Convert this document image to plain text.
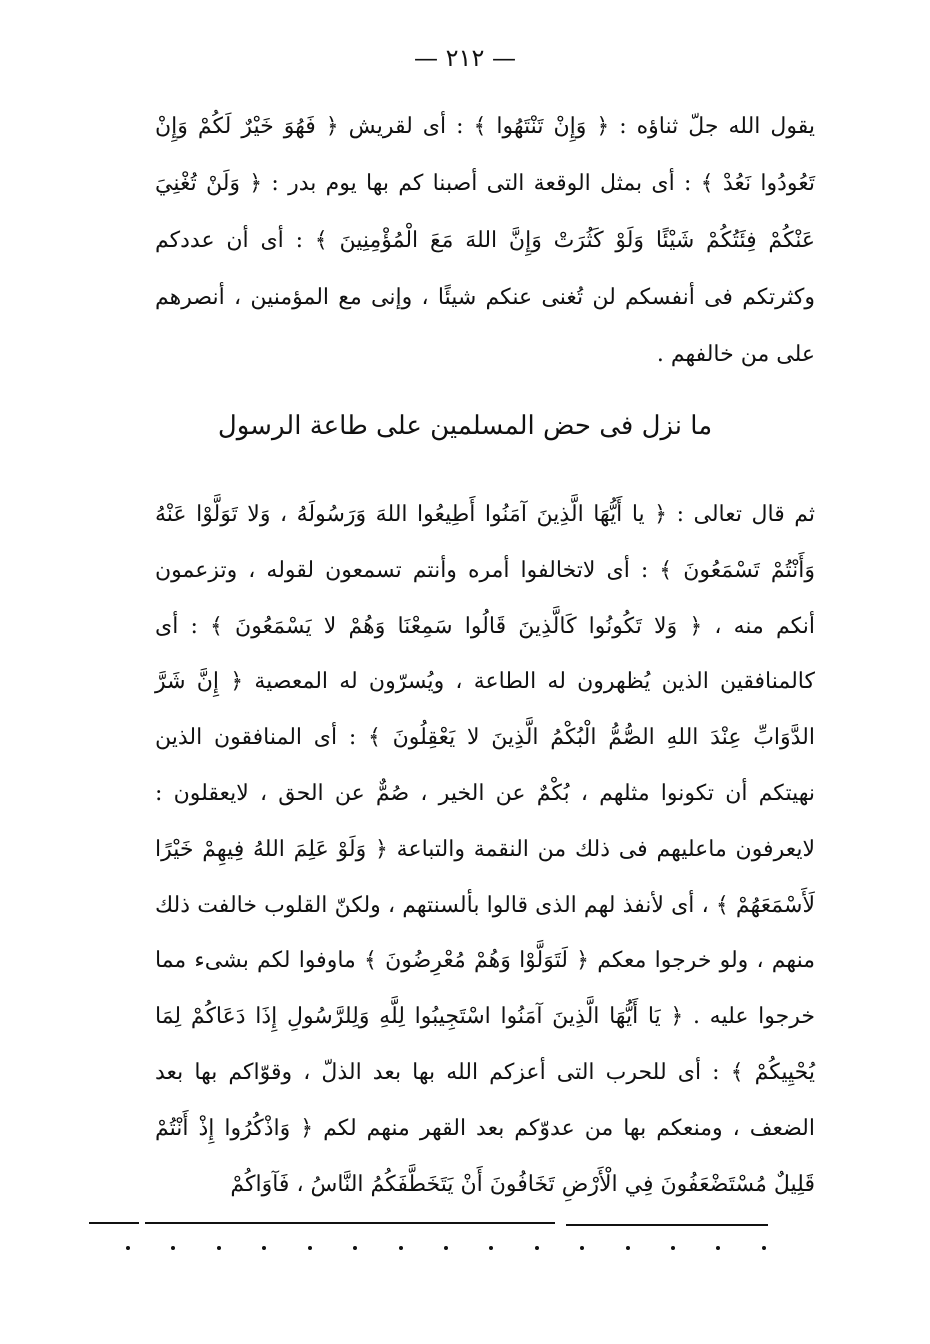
— ٢١٢ —
يقول الله جلّ ثناؤه : ﴿ وَإِنْ تَنْتَهُوا ﴾ : أى لقريش ﴿ فَهُوَ خَيْرٌ لَكُمْ وَإِنْ تَعُودُوا نَعُدْ ﴾ : أى بمثل الوقعة التى أصبنا كم بها يوم بدر : ﴿ وَلَنْ تُغْنِيَ عَنْكُمْ فِئَتُكُمْ شَيْئًا وَلَوْ كَثُرَتْ وَإِنَّ اللهَ مَعَ الْمُؤْمِنِينَ ﴾ : أى أن عددكم وكثرتكم فى أنفسكم لن تُغنى عنكم شيئًا ، وإنى مع المؤمنين ، أنصرهم على من خالفهم .
ما نزل فى حض المسلمين على طاعة الرسول
ثم قال تعالى : ﴿ يا أَيُّهَا الَّذِينَ آمَنُوا أَطِيعُوا اللهَ وَرَسُولَهُ ، وَلا تَوَلَّوْا عَنْهُ وَأَنْتُمْ تَسْمَعُونَ ﴾ : أى لاتخالفوا أمره وأنتم تسمعون لقوله ، وتزعمون أنكم منه ، ﴿ وَلا تَكُونُوا كَالَّذِينَ قَالُوا سَمِعْنَا وَهُمْ لا يَسْمَعُونَ ﴾ : أى كالمنافقين الذين يُظهرون له الطاعة ، ويُسرّون له المعصية ﴿ إِنَّ شَرَّ الدَّوَابِّ عِنْدَ اللهِ الصُّمُّ الْبُكْمُ الَّذِينَ لا يَعْقِلُونَ ﴾ : أى المنافقون الذين نهيتكم أن تكونوا مثلهم ، بُكْمٌ عن الخير ، صُمٌّ عن الحق ، لايعقلون : لايعرفون ماعليهم فى ذلك من النقمة والتباعة ﴿ وَلَوْ عَلِمَ اللهُ فِيهِمْ خَيْرًا لَأَسْمَعَهُمْ ﴾ ، أى لأنفذ لهم الذى قالوا بألسنتهم ، ولكنّ القلوب خالفت ذلك منهم ، ولو خرجوا معكم ﴿ لَتَوَلَّوْا وَهُمْ مُعْرِضُونَ ﴾ ماوفوا لكم بشىء مما خرجوا عليه . ﴿ يَا أَيُّهَا الَّذِينَ آمَنُوا اسْتَجِيبُوا لِلَّهِ وَلِلرَّسُولِ إِذَا دَعَاكُمْ لِمَا يُحْيِيكُمْ ﴾ : أى للحرب التى أعزكم الله بها بعد الذلّ ، وقوّاكم بها بعد الضعف ، ومنعكم بها من عدوّكم بعد القهر منهم لكم ﴿ وَاذْكُرُوا إِذْ أَنْتُمْ قَلِيلٌ مُسْتَضْعَفُونَ فِي الْأَرْضِ تَخَافُونَ أَنْ يَتَخَطَّفَكُمُ النَّاسُ ، فَآوَاكُمْ
